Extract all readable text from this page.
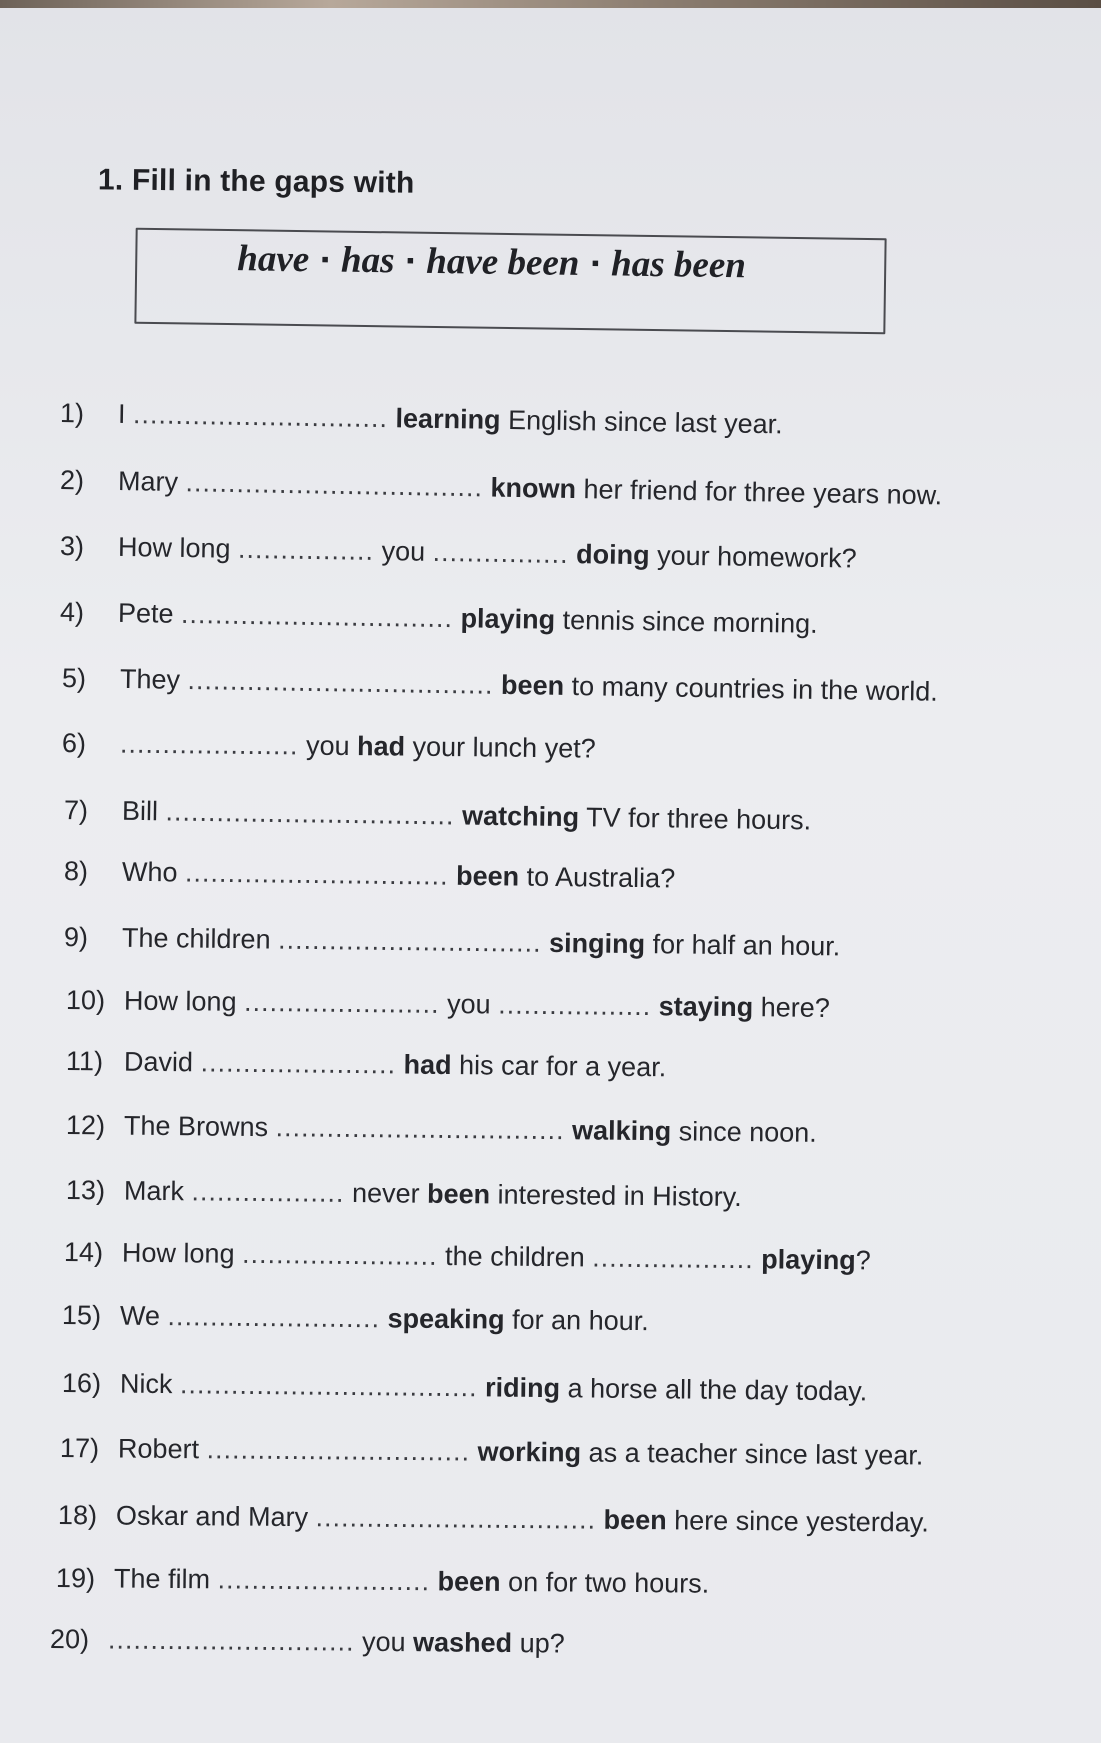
1. Fill in the gaps with
have ▪ has ▪ have been ▪ has been
1) I .............................. learning English since last year.
2) Mary ................................... known her friend for three years now.
3) How long ................ you ................ doing your homework?
4) Pete ................................ playing tennis since morning.
5) They .................................... been to many countries in the world.
6) ..................... you had your lunch yet?
7) Bill .................................. watching TV for three hours.
8) Who ............................... been to Australia?
9) The children ............................... singing for half an hour.
10) How long ....................... you .................. staying here?
11) David ....................... had his car for a year.
12) The Browns .................................. walking since noon.
13) Mark .................. never been interested in History.
14) How long ....................... the children ................... playing?
15) We ......................... speaking for an hour.
16) Nick ................................... riding a horse all the day today.
17) Robert ............................... working as a teacher since last year.
18) Oskar and Mary ................................. been here since yesterday.
19) The film ......................... been on for two hours.
20) ............................. you washed up?
